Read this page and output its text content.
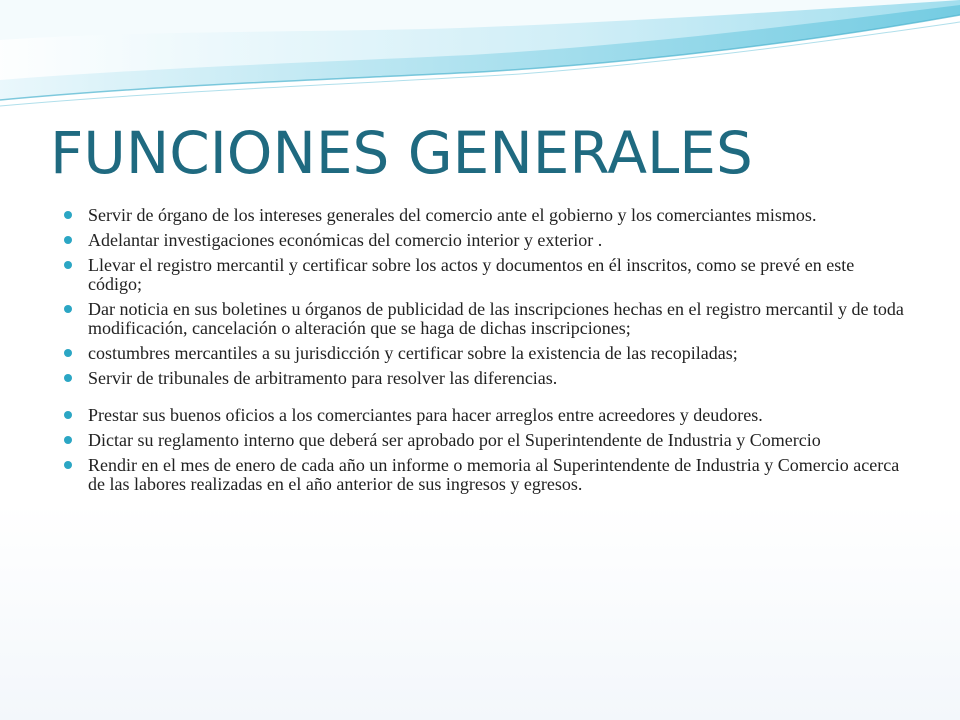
FUNCIONES GENERALES
Servir de órgano de los intereses generales del comercio ante el gobierno y los comerciantes mismos.
Adelantar investigaciones económicas del comercio interior y exterior .
Llevar el registro mercantil y certificar sobre los actos y documentos en él inscritos, como se prevé en este código;
Dar noticia en sus boletines u órganos de publicidad de las inscripciones hechas en el registro mercantil y de toda modificación, cancelación o alteración que se haga de dichas inscripciones;
costumbres mercantiles a su jurisdicción y certificar sobre la existencia de las recopiladas;
Servir de tribunales de arbitramento para resolver las diferencias.
Prestar sus buenos oficios a los comerciantes para hacer arreglos entre acreedores y deudores.
Dictar su reglamento interno que deberá ser aprobado por el Superintendente de Industria y Comercio
Rendir en el mes de enero de cada año un informe o memoria al Superintendente de Industria y Comercio acerca de las labores realizadas en el año anterior de sus ingresos y egresos.
